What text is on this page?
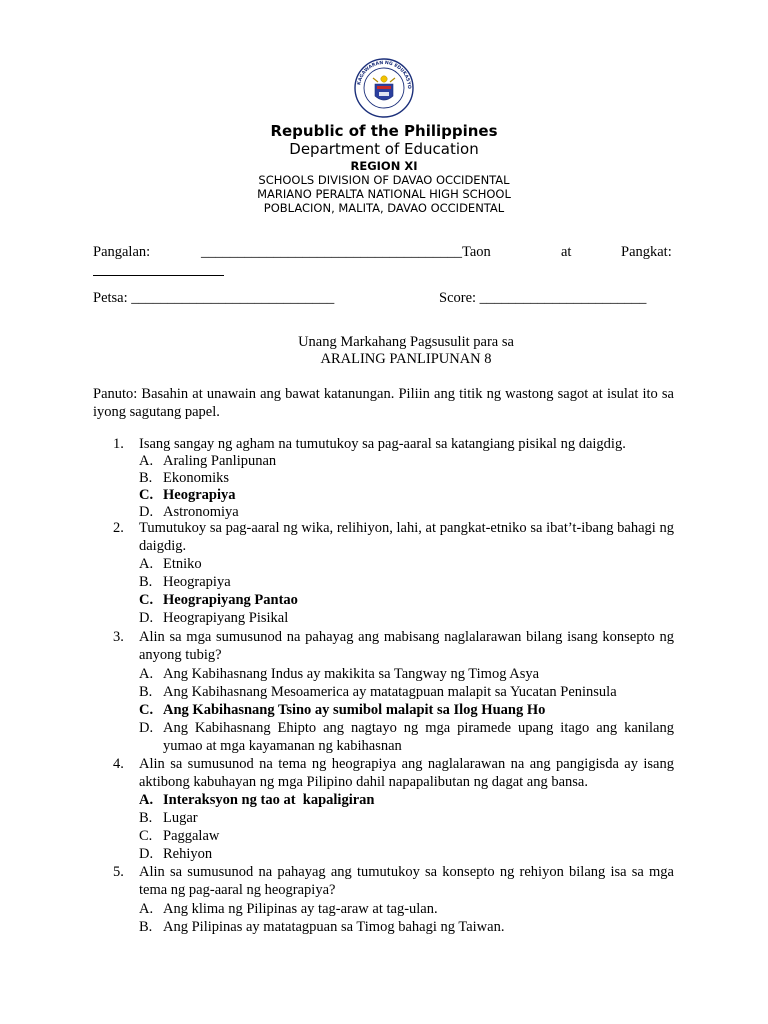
KAGAWARAN NG EDUKASYO
Republic of the Philippines
Department of Education
REGION XI
SCHOOLS DIVISION OF DAVAO OCCIDENTAL
MARIANO PERALTA NATIONAL HIGH SCHOOL
POBLACION, MALITA, DAVAO OCCIDENTAL
Pangalan:	____________________________________Taon	at	Pangkat:
Petsa: ____________________________	Score: _______________________
Unang Markahang Pagsusulit para sa
ARALING PANLIPUNAN 8
Panuto: Basahin at unawain ang bawat katanungan. Piliin ang titik ng wastong sagot at isulat ito sa iyong sagutang papel.
1. Isang sangay ng agham na tumutukoy sa pag-aaral sa katangiang pisikal ng daigdig.
A. Araling Panlipunan
B. Ekonomiks
C. Heograpiya
D. Astronomiya
2. Tumutukoy sa pag-aaral ng wika, relihiyon, lahi, at pangkat-etniko sa ibat’t-ibang bahagi ng daigdig.
A. Etniko
B. Heograpiya
C. Heograpiyang Pantao
D. Heograpiyang Pisikal
3. Alin sa mga sumusunod na pahayag ang mabisang naglalarawan bilang isang konsepto ng anyong tubig?
A. Ang Kabihasnang Indus ay makikita sa Tangway ng Timog Asya
B. Ang Kabihasnang Mesoamerica ay matatagpuan malapit sa Yucatan Peninsula
C. Ang Kabihasnang Tsino ay sumibol malapit sa Ilog Huang Ho
D. Ang Kabihasnang Ehipto ang nagtayo ng mga piramede upang itago ang kanilang yumao at mga kayamanan ng kabihasnan
4. Alin sa sumusunod na tema ng heograpiya ang naglalarawan na ang pangigisda ay isang aktibong kabuhayan ng mga Pilipino dahil napapalibutan ng dagat ang bansa.
A. Interaksyon ng tao at  kapaligiran
B. Lugar
C. Paggalaw
D. Rehiyon
5. Alin sa sumusunod na pahayag ang tumutukoy sa konsepto ng rehiyon bilang isa sa mga tema ng pag-aaral ng heograpiya?
A. Ang klima ng Pilipinas ay tag-araw at tag-ulan.
B. Ang Pilipinas ay matatagpuan sa Timog bahagi ng Taiwan.
